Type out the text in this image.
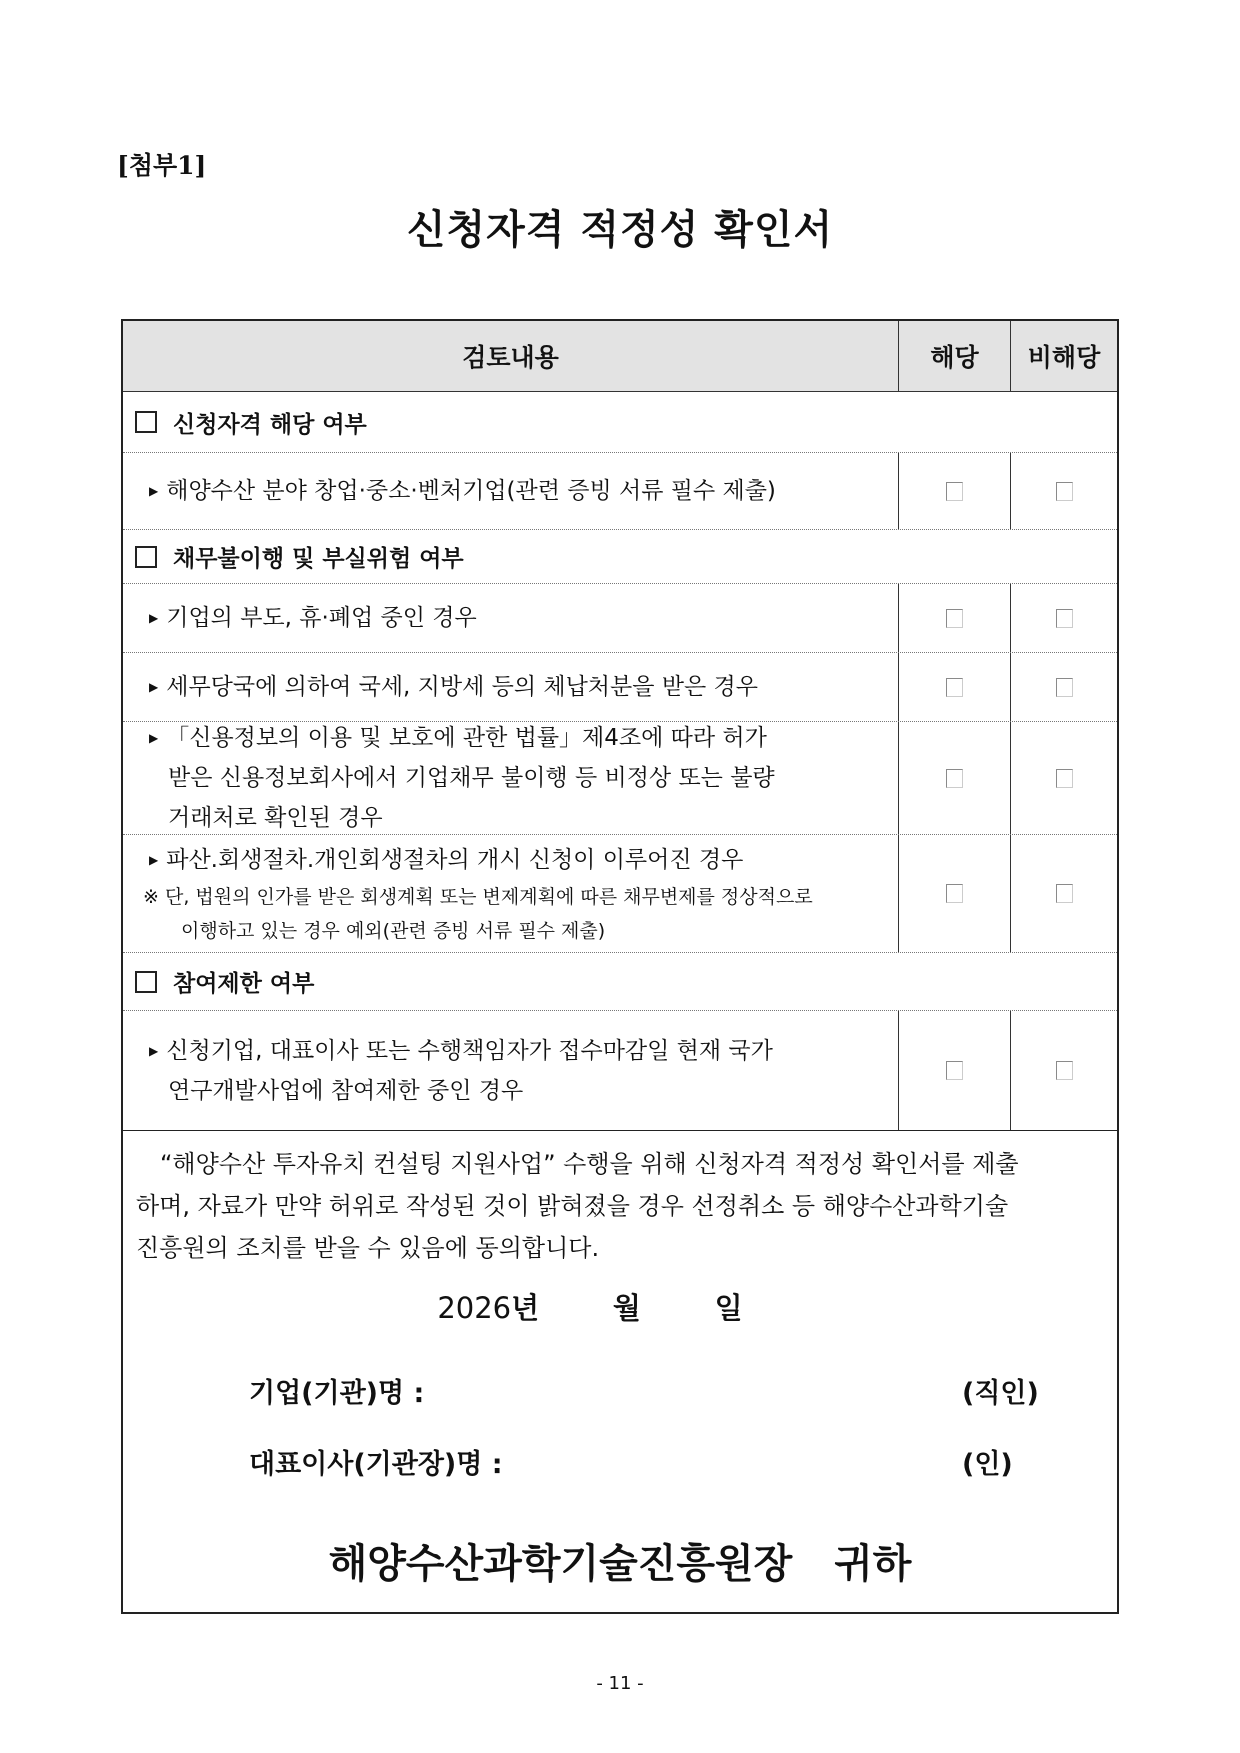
[첨부1]
신청자격 적정성 확인서
검토내용	해당	비해당
신청자격 해당 여부
▶ 해양수산 분야 창업·중소·벤처기업(관련 증빙 서류 필수 제출)
채무불이행 및 부실위험 여부
▶ 기업의 부도, 휴·폐업 중인 경우
▶ 세무당국에 의하여 국세, 지방세 등의 체납처분을 받은 경우
▶ 「신용정보의 이용 및 보호에 관한 법률」제4조에 따라 허가
받은 신용정보회사에서 기업채무 불이행 등 비정상 또는 불량
거래처로 확인된 경우
▶ 파산.회생절차.개인회생절차의 개시 신청이 이루어진 경우
※ 단, 법원의 인가를 받은 회생계획 또는 변제계획에 따른 채무변제를 정상적으로
이행하고 있는 경우 예외(관련 증빙 서류 필수 제출)
참여제한 여부
▶ 신청기업, 대표이사 또는 수행책임자가 접수마감일 현재 국가
연구개발사업에 참여제한 중인 경우
“해양수산 투자유치 컨설팅 지원사업” 수행을 위해 신청자격 적정성 확인서를 제출
하며, 자료가 만약 허위로 작성된 것이 밝혀졌을 경우 선정취소 등 해양수산과학기술
진흥원의 조치를 받을 수 있음에 동의합니다.
2026년	월	일
기업(기관)명 :	(직인)
대표이사(기관장)명 :	(인)
해양수산과학기술진흥원장   귀하
- 11 -
